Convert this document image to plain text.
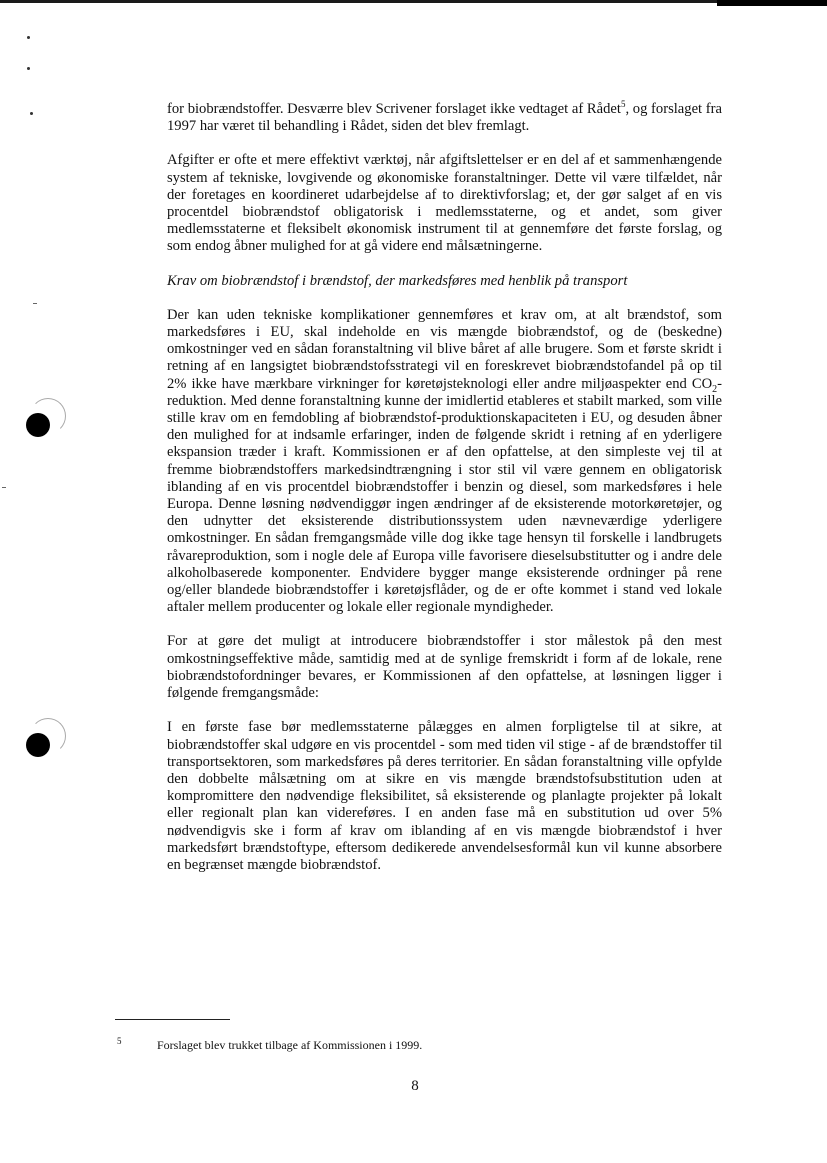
for biobrændstoffer. Desværre blev Scrivener forslaget ikke vedtaget af Rådet$^5$, og forslaget fra 1997 har været til behandling i Rådet, siden det blev fremlagt.

Afgifter er ofte et mere effektivt værktøj, når afgiftslettelser er en del af et sammenhængende system af tekniske, lovgivende og økonomiske foranstaltninger. Dette vil være tilfældet, når der foretages en koordineret udarbejdelse af to direktivforslag; et, der gør salget af en vis procentdel biobrændstof obligatorisk i medlemsstaterne, og et andet, som giver medlemsstaterne et fleksibelt økonomisk instrument til at gennemføre det første forslag, og som endog åbner mulighed for at gå videre end målsætningerne.

Krav om biobrændstof i brændstof, der markedsføres med henblik på transport

Der kan uden tekniske komplikationer gennemføres et krav om, at alt brændstof, som markedsføres i EU, skal indeholde en vis mængde biobrændstof, og de (beskedne) omkostninger ved en sådan foranstaltning vil blive båret af alle brugere. Som et første skridt i retning af en langsigtet biobrændstofsstrategi vil en foreskrevet biobrændstofandel på op til 2% ikke have mærkbare virkninger for køretøjsteknologi eller andre miljøaspekter end $CO_2$-reduktion. Med denne foranstaltning kunne der imidlertid etableres et stabilt marked, som ville stille krav om en femdobling af biobrændstof-produktionskapaciteten i EU, og desuden åbner den mulighed for at indsamle erfaringer, inden de følgende skridt i retning af en yderligere ekspansion træder i kraft. Kommissionen er af den opfattelse, at den simpleste vej til at fremme biobrændstoffers markedsindtrængning i stor stil vil være gennem en obligatorisk iblanding af en vis procentdel biobrændstoffer i benzin og diesel, som markedsføres i hele Europa. Denne løsning nødvendiggør ingen ændringer af de eksisterende motorkøretøjer, og den udnytter det eksisterende distributionssystem uden nævneværdige yderligere omkostninger. En sådan fremgangsmåde ville dog ikke tage hensyn til forskelle i landbrugets råvareproduktion, som i nogle dele af Europa ville favorisere dieselsubstitutter og i andre dele alkoholbaserede komponenter. Endvidere bygger mange eksisterende ordninger på rene og/eller blandede biobrændstoffer i køretøjsflåder, og de er ofte kommet i stand ved lokale aftaler mellem producenter og lokale eller regionale myndigheder.

For at gøre det muligt at introducere biobrændstoffer i stor målestok på den mest omkostningseffektive måde, samtidig med at de synlige fremskridt i form af de lokale, rene biobrændstofordninger bevares, er Kommissionen af den opfattelse, at løsningen ligger i følgende fremgangsmåde:

I en første fase bør medlemsstaterne pålægges en almen forpligtelse til at sikre, at biobrændstoffer skal udgøre en vis procentdel - som med tiden vil stige - af de brændstoffer til transportsektoren, som markedsføres på deres territorier. En sådan foranstaltning ville opfylde den dobbelte målsætning om at sikre en vis mængde brændstofsubstitution uden at kompromittere den nødvendige fleksibilitet, så eksisterende og planlagte projekter på lokalt eller regionalt plan kan videreføres. I en anden fase må en substitution ud over 5% nødvendigvis ske i form af krav om iblanding af en vis mængde biobrændstof i hver markedsført brændstoftype, eftersom dedikerede anvendelsesformål kun vil kunne absorbere en begrænset mængde biobrændstof.

5	Forslaget blev trukket tilbage af Kommissionen i 1999.
8
